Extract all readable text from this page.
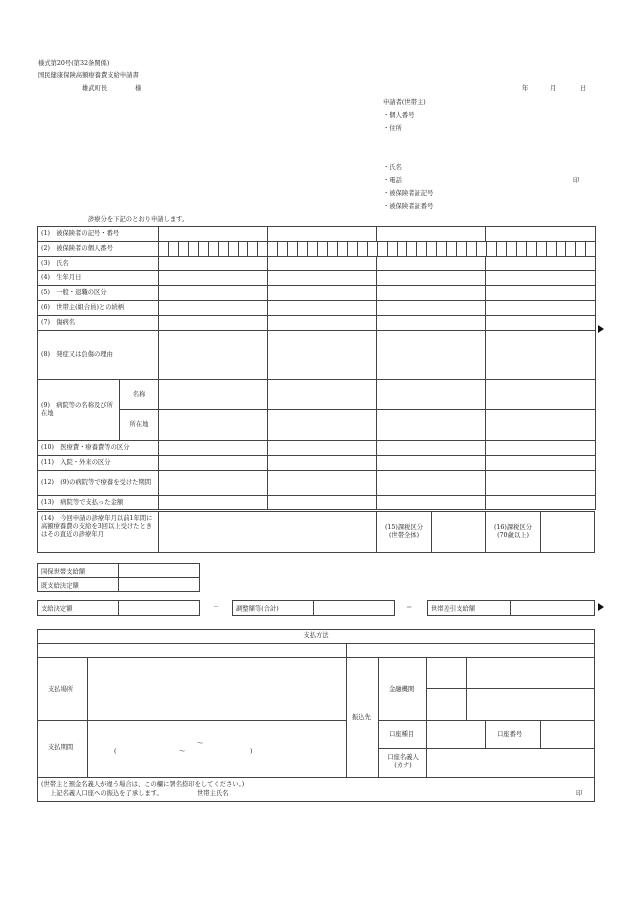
様式第20号(第32条関係)
国民健康保険高額療養費支給申請書
雄武町長	様	年	月	日
申請者(世帯主)
・個人番号
・住所
・氏名
・電話	印
・被保険者証記号
・被保険者証番号
診療分を下記のとおり申請します。
(1)　被保険者の記号・番号					
(2)　被保険者の個人番号					

(3)　氏名					
(4)　生年月日					
(5)　一般・退職の区分					
(6)　世帯主(組合員)との続柄					
(7)　傷病名					
(8)　発症又は負傷の理由					
(9)　病院等の名称及び所在地	名称				
	所在地				
(10)　医療費・療養費等の区分					
(11)　入院・外来の区分					
(12)　(9)の病院等で療養を受けた期間					
(13)　病院等で支払った金額					
(14)　今回申請の診療年月以前1年間に高額療養費の支給を3回以上受けたときはその直近の診療年月
(15)課税区分
(世帯全体)
(16)課税区分
(70歳以上)
国保世帯支給額
既支給決定額
支給決定額	－	調整額等(合計)	＝	世帯差引支給額
支払方法
支払場所
支払期間
～
(	～	)
振込先
金融機関
口座種目	口座番号
口座名義人
(カナ)
(世帯主と預金名義人が違う場合は、この欄に署名捺印をしてください。)
上記名義人口座への振込を了承します。	世帯主氏名	印
